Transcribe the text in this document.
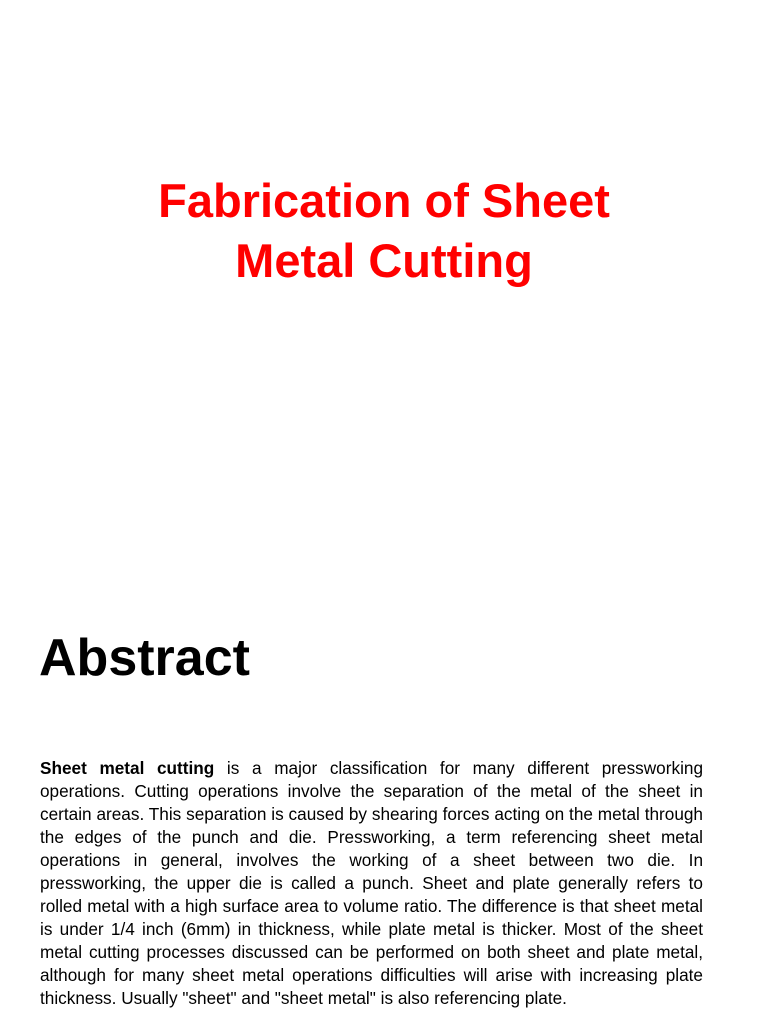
Fabrication of Sheet
Metal Cutting
Abstract

Sheet metal cutting is a major classification for many different pressworking operations. Cutting operations involve the separation of the metal of the sheet in certain areas. This separation is caused by shearing forces acting on the metal through the edges of the punch and die. Pressworking, a term referencing sheet metal operations in general, involves the working of a sheet between two die. In pressworking, the upper die is called a punch. Sheet and plate generally refers to rolled metal with a high surface area to volume ratio. The difference is that sheet metal is under 1/4 inch (6mm) in thickness, while plate metal is thicker. Most of the sheet metal cutting processes discussed can be performed on both sheet and plate metal, although for many sheet metal operations difficulties will arise with increasing plate thickness. Usually "sheet" and "sheet metal" is also referencing plate.
